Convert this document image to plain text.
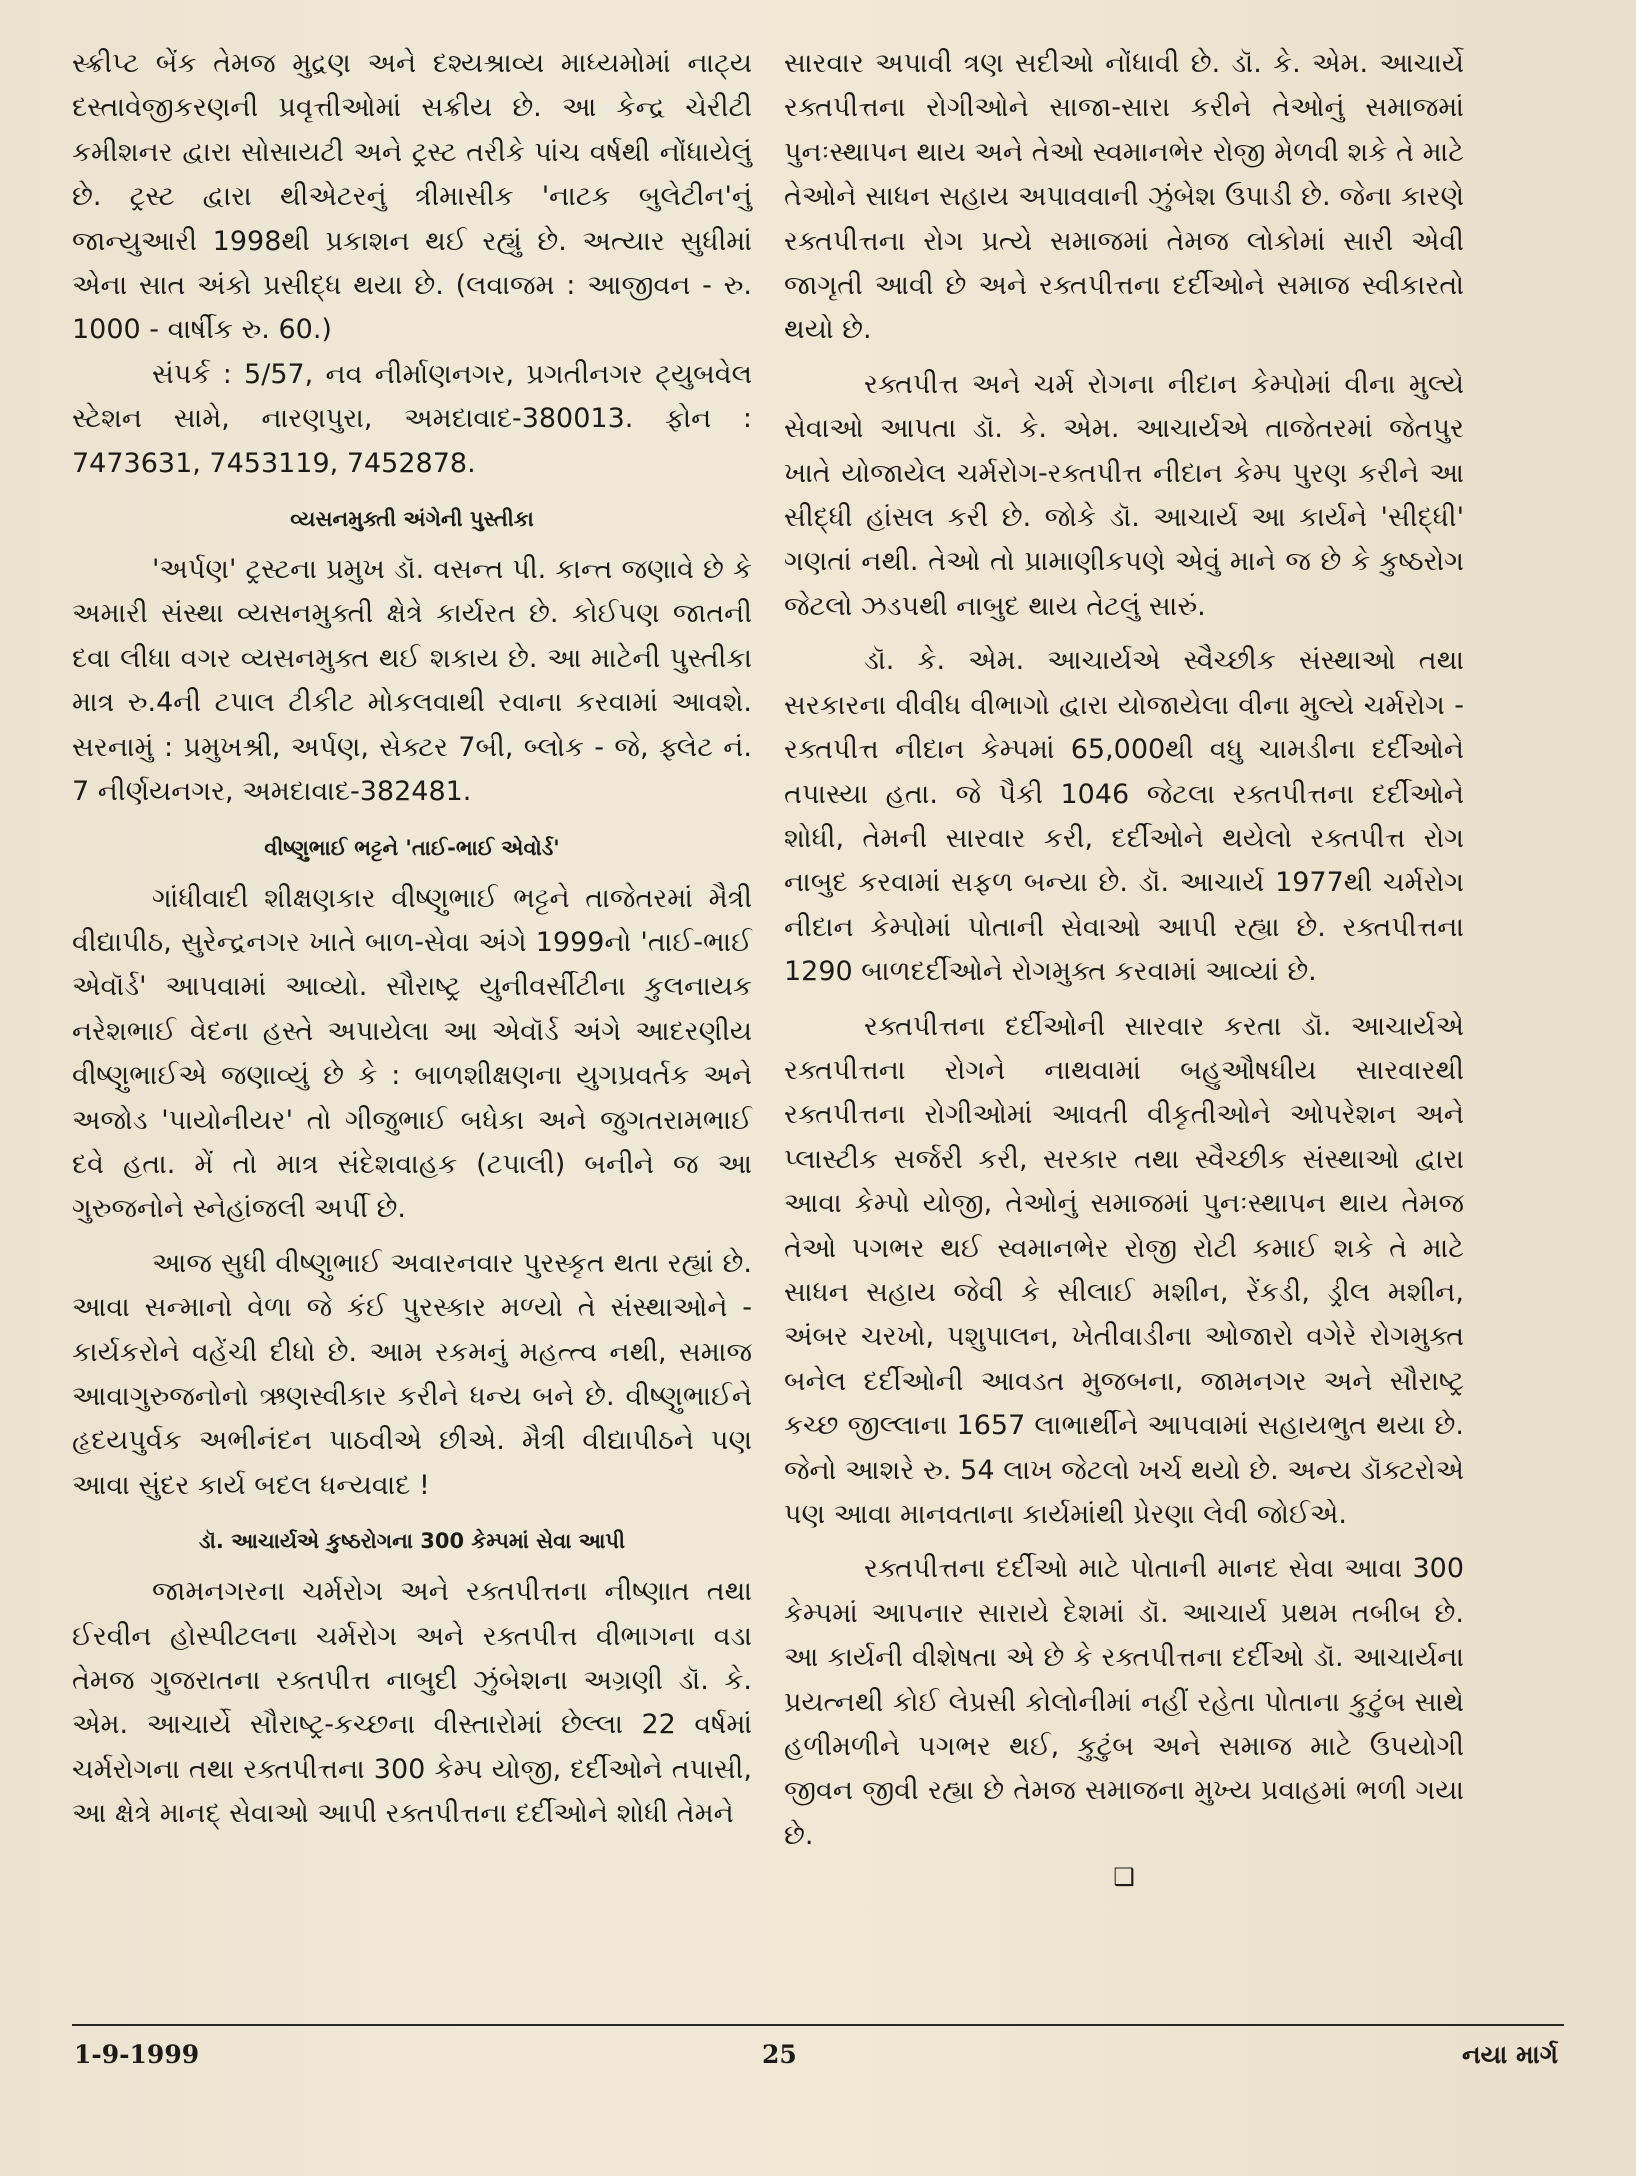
સ્ક્રીપ્ટ બેંક તેમજ મુદ્રણ અને દશ્યશ્રાવ્ય માધ્યમોમાં નાટ્ય દસ્તાવેજીકરણની પ્રવૃત્તીઓમાં સક્રીય છે. આ કેન્દ્ર ચેરીટી કમીશનર દ્વારા સોસાયટી અને ટ્રસ્ટ તરીકે પાંચ વર્ષથી નોંધાયેલું છે. ટ્રસ્ટ દ્વારા થીએટરનું ત્રીમાસીક 'નાટક બુલેટીન'નું જાન્યુઆરી 1998થી પ્રકાશન થઈ રહ્યું છે. અત્યાર સુધીમાં એના સાત અંકો પ્રસીદ્ધ થયા છે. (લવાજમ : આજીવન - રુ. 1000 - વાર્ષીક રુ. 60.)

સંપર્ક : 5/57, નવ નીર્માણનગર, પ્રગતીનગર ટ્યુબવેલ સ્ટેશન સામે, નારણપુરા, અમદાવાદ-380013. ફોન : 7473631, 7453119, 7452878.

વ્યસનમુક્તી અંગેની પુસ્તીકા

'અર્પણ' ટ્રસ્ટના પ્રમુખ ડૉ. વસન્ત પી. કાન્ત જણાવે છે કે અમારી સંસ્થા વ્યસનમુક્તી ક્ષેત્રે કાર્યરત છે. કોઈપણ જાતની દવા લીધા વગર વ્યસનમુક્ત થઈ શકાય છે. આ માટેની પુસ્તીકા માત્ર રુ.4ની ટપાલ ટીકીટ મોકલવાથી રવાના કરવામાં આવશે. સરનામું : પ્રમુખશ્રી, અર્પણ, સેક્ટર 7બી, બ્લોક - જે, ફ્લેટ નં. 7 નીર્ણયનગર, અમદાવાદ-382481.

વીષ્ણુભાઈ ભટ્ટને 'તાઈ-ભાઈ એવોર્ડ'

ગાંધીવાદી શીક્ષણકાર વીષ્ણુભાઈ ભટ્ટને તાજેતરમાં મૈત્રી વીદ્યાપીઠ, સુરેન્દ્રનગર ખાતે બાળ-સેવા અંગે 1999નો 'તાઈ-ભાઈ એવૉર્ડ' આપવામાં આવ્યો. સૌરાષ્ટ્ર યુનીવર્સીટીના કુલનાયક નરેશભાઈ વેદના હસ્તે અપાયેલા આ એવૉર્ડ અંગે આદરણીય વીષ્ણુભાઈએ જણાવ્યું છે કે : બાળશીક્ષણના યુગપ્રવર્તક અને અજોડ 'પાયોનીયર' તો ગીજુભાઈ બધેકા અને જુગતરામભાઈ દવે હતા. મેં તો માત્ર સંદેશવાહક (ટપાલી) બનીને જ આ ગુરુજનોને સ્નેહાંજલી અર્પી છે.

આજ સુધી વીષ્ણુભાઈ અવારનવાર પુરસ્કૃત થતા રહ્યાં છે. આવા સન્માનો વેળા જે કંઈ પુરસ્કાર મળ્યો તે સંસ્થાઓને - કાર્યકરોને વહેંચી દીધો છે. આમ રકમનું મહત્ત્વ નથી, સમાજ આવાગુરુજનોનો ઋણસ્વીકાર કરીને ધન્ય બને છે. વીષ્ણુભાઈને હૃદયપુર્વક અભીનંદન પાઠવીએ છીએ. મૈત્રી વીદ્યાપીઠને પણ આવા સુંદર કાર્ય બદલ ધન્યવાદ !

ડૉ. આચાર્યએ કુષ્ઠરોગના 300 કેમ્પમાં સેવા આપી

જામનગરના ચર્મરોગ અને રક્તપીત્તના નીષ્ણાત તથા ઈરવીન હોસ્પીટલના ચર્મરોગ અને રક્તપીત્ત વીભાગના વડા તેમજ ગુજરાતના રક્તપીત્ત નાબુદી ઝુંબેશના અગ્રણી ડૉ. કે. એમ. આચાર્યે સૌરાષ્ટ્ર-કચ્છના વીસ્તારોમાં છેલ્લા 22 વર્ષમાં ચર્મરોગના તથા રક્તપીત્તના 300 કેમ્પ યોજી, દર્દીઓને તપાસી, આ ક્ષેત્રે માનદ્ સેવાઓ આપી રક્તપીત્તના દર્દીઓને શોધી તેમને

સારવાર અપાવી ત્રણ સદીઓ નોંધાવી છે. ડૉ. કે. એમ. આચાર્યે રક્તપીત્તના રોગીઓને સાજા-સારા કરીને તેઓનું સમાજમાં પુનઃસ્થાપન થાય અને તેઓ સ્વમાનભેર રોજી મેળવી શકે તે માટે તેઓને સાધન સહાય અપાવવાની ઝુંબેશ ઉપાડી છે. જેના કારણે રક્તપીત્તના રોગ પ્રત્યે સમાજમાં તેમજ લોકોમાં સારી એવી જાગૃતી આવી છે અને રક્તપીત્તના દર્દીઓને સમાજ સ્વીકારતો થયો છે.

રક્તપીત્ત અને ચર્મ રોગના નીદાન કેમ્પોમાં વીના મુલ્યે સેવાઓ આપતા ડૉ. કે. એમ. આચાર્યએ તાજેતરમાં જેતપુર ખાતે યોજાયેલ ચર્મરોગ-રક્તપીત્ત નીદાન કેમ્પ પુરણ કરીને આ સીદ્ધી હાંસલ કરી છે. જોકે ડૉ. આચાર્ય આ કાર્યને 'સીદ્ધી' ગણતાં નથી. તેઓ તો પ્રામાણીકપણે એવું માને જ છે કે કુષ્ઠરોગ જેટલો ઝડપથી નાબુદ થાય તેટલું સારું.

ડૉ. કે. એમ. આચાર્યએ સ્વૈચ્છીક સંસ્થાઓ તથા સરકારના વીવીધ વીભાગો દ્વારા યોજાયેલા વીના મુલ્યે ચર્મરોગ - રક્તપીત્ત નીદાન કેમ્પમાં 65,000થી વધુ ચામડીના દર્દીઓને તપાસ્યા હતા. જે પૈકી 1046 જેટલા રક્તપીત્તના દર્દીઓને શોધી, તેમની સારવાર કરી, દર્દીઓને થયેલો રક્તપીત્ત રોગ નાબુદ કરવામાં સફળ બન્યા છે. ડૉ. આચાર્ય 1977થી ચર્મરોગ નીદાન કેમ્પોમાં પોતાની સેવાઓ આપી રહ્યા છે. રક્તપીત્તના 1290 બાળદર્દીઓને રોગમુક્ત કરવામાં આવ્યાં છે.

રક્તપીત્તના દર્દીઓની સારવાર કરતા ડૉ. આચાર્યએ રક્તપીત્તના રોગને નાથવામાં બહુઔષધીય સારવારથી રક્તપીત્તના રોગીઓમાં આવતી વીકૃતીઓને ઓપરેશન અને પ્લાસ્ટીક સર્જરી કરી, સરકાર તથા સ્વૈચ્છીક સંસ્થાઓ દ્વારા આવા કેમ્પો યોજી, તેઓનું સમાજમાં પુનઃસ્થાપન થાય તેમજ તેઓ પગભર થઈ સ્વમાનભેર રોજી રોટી કમાઈ શકે તે માટે સાધન સહાય જેવી કે સીલાઈ મશીન, રેંકડી, ડ્રીલ મશીન, અંબર ચરખો, પશુપાલન, ખેતીવાડીના ઓજારો વગેરે રોગમુક્ત બનેલ દર્દીઓની આવડત મુજબના, જામનગર અને સૌરાષ્ટ્ર કચ્છ જીલ્લાના 1657 લાભાર્થીને આપવામાં સહાયભુત થયા છે. જેનો આશરે રુ. 54 લાખ જેટલો ખર્ચ થયો છે. અન્ય ડૉક્ટરોએ પણ આવા માનવતાના કાર્યમાંથી પ્રેરણા લેવી જોઈએ.

રક્તપીત્તના દર્દીઓ માટે પોતાની માનદ સેવા આવા 300 કેમ્પમાં આપનાર સારાયે દેશમાં ડૉ. આચાર્ય પ્રથમ તબીબ છે. આ કાર્યની વીશેષતા એ છે કે રક્તપીત્તના દર્દીઓ ડૉ. આચાર્યના પ્રયત્નથી કોઈ લેપ્રસી કોલોનીમાં નહીં રહેતા પોતાના કુટુંબ સાથે હળીમળીને પગભર થઈ, કુટુંબ અને સમાજ માટે ઉપયોગી જીવન જીવી રહ્યા છે તેમજ સમાજના મુખ્ય પ્રવાહમાં ભળી ગયા છે.

❑
1-9-1999	25	નયા માર્ગ
